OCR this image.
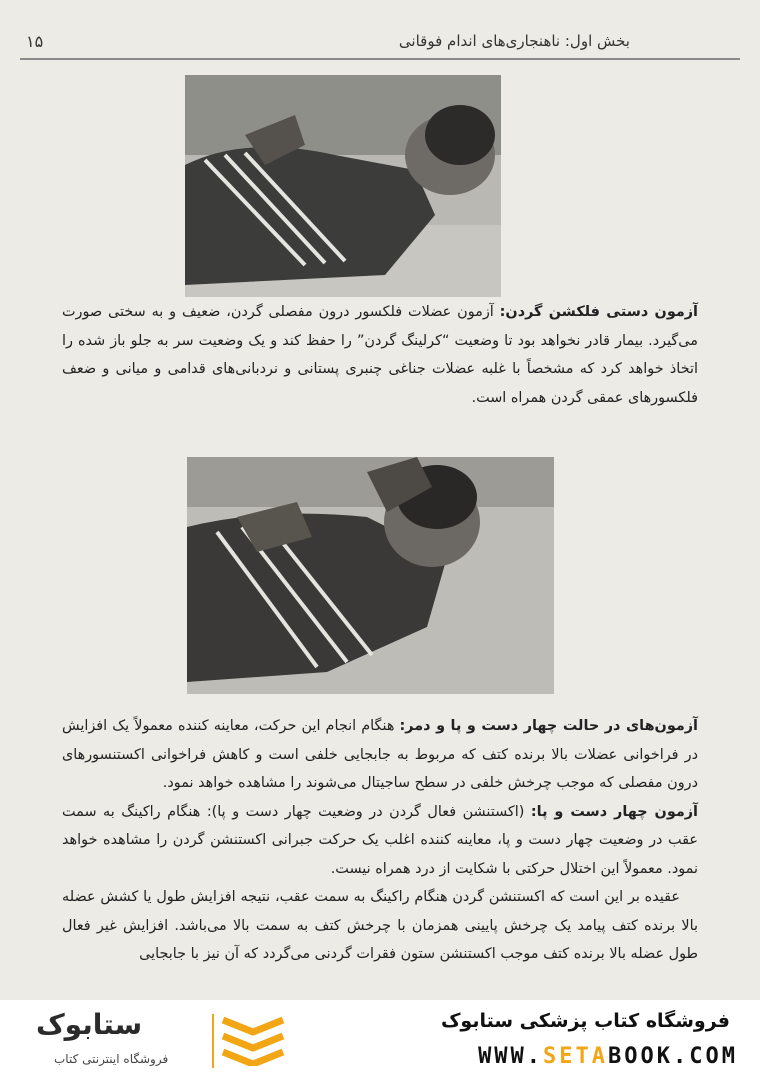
بخش اول: ناهنجاری‌های اندام فوقانی
۱۵

آزمون دستی فلکشن گردن: آزمون عضلات فلکسور درون مفصلی گردن، ضعیف و به سختی صورت می‌گیرد. بیمار قادر نخواهد بود تا وضعیت “کرلینگ گردن” را حفظ کند و یک وضعیت سر به جلو باز شده را اتخاذ خواهد کرد که مشخصاً با غلبه عضلات جناغی چنبری پستانی و نردبانی‌های قدامی و میانی و ضعف فلکسورهای عمقی گردن همراه است.

آزمون‌های در حالت چهار دست و پا و دمر: هنگام انجام این حرکت، معاینه کننده معمولاً یک افزایش در فراخوانی عضلات بالا برنده کتف که مربوط به جابجایی خلفی است و کاهش فراخوانی اکستنسورهای درون مفصلی که موجب چرخش خلفی در سطح ساجیتال می‌شوند را مشاهده خواهد نمود.

آزمون چهار دست و پا: (اکستنشن فعال گردن در وضعیت چهار دست و پا): هنگام راکینگ به سمت عقب در وضعیت چهار دست و پا، معاینه کننده اغلب یک حرکت جبرانی اکستنشن گردن را مشاهده خواهد نمود. معمولاً این اختلال حرکتی با شکایت از درد همراه نیست.

عقیده بر این است که اکستنشن گردن هنگام راکینگ به سمت عقب، نتیجه افزایش طول یا کشش عضله بالا برنده کتف پیامد یک چرخش پایینی همزمان با چرخش کتف به سمت بالا می‌باشد. افزایش غیر فعال طول عضله بالا برنده کتف موجب اکستنشن ستون فقرات گردنی می‌گردد که آن نیز با جابجایی

فروشگاه کتاب پزشکی ستابوک
WWW.SETABOOK.COM
ستابوک
فروشگاه اینترنتی کتاب
